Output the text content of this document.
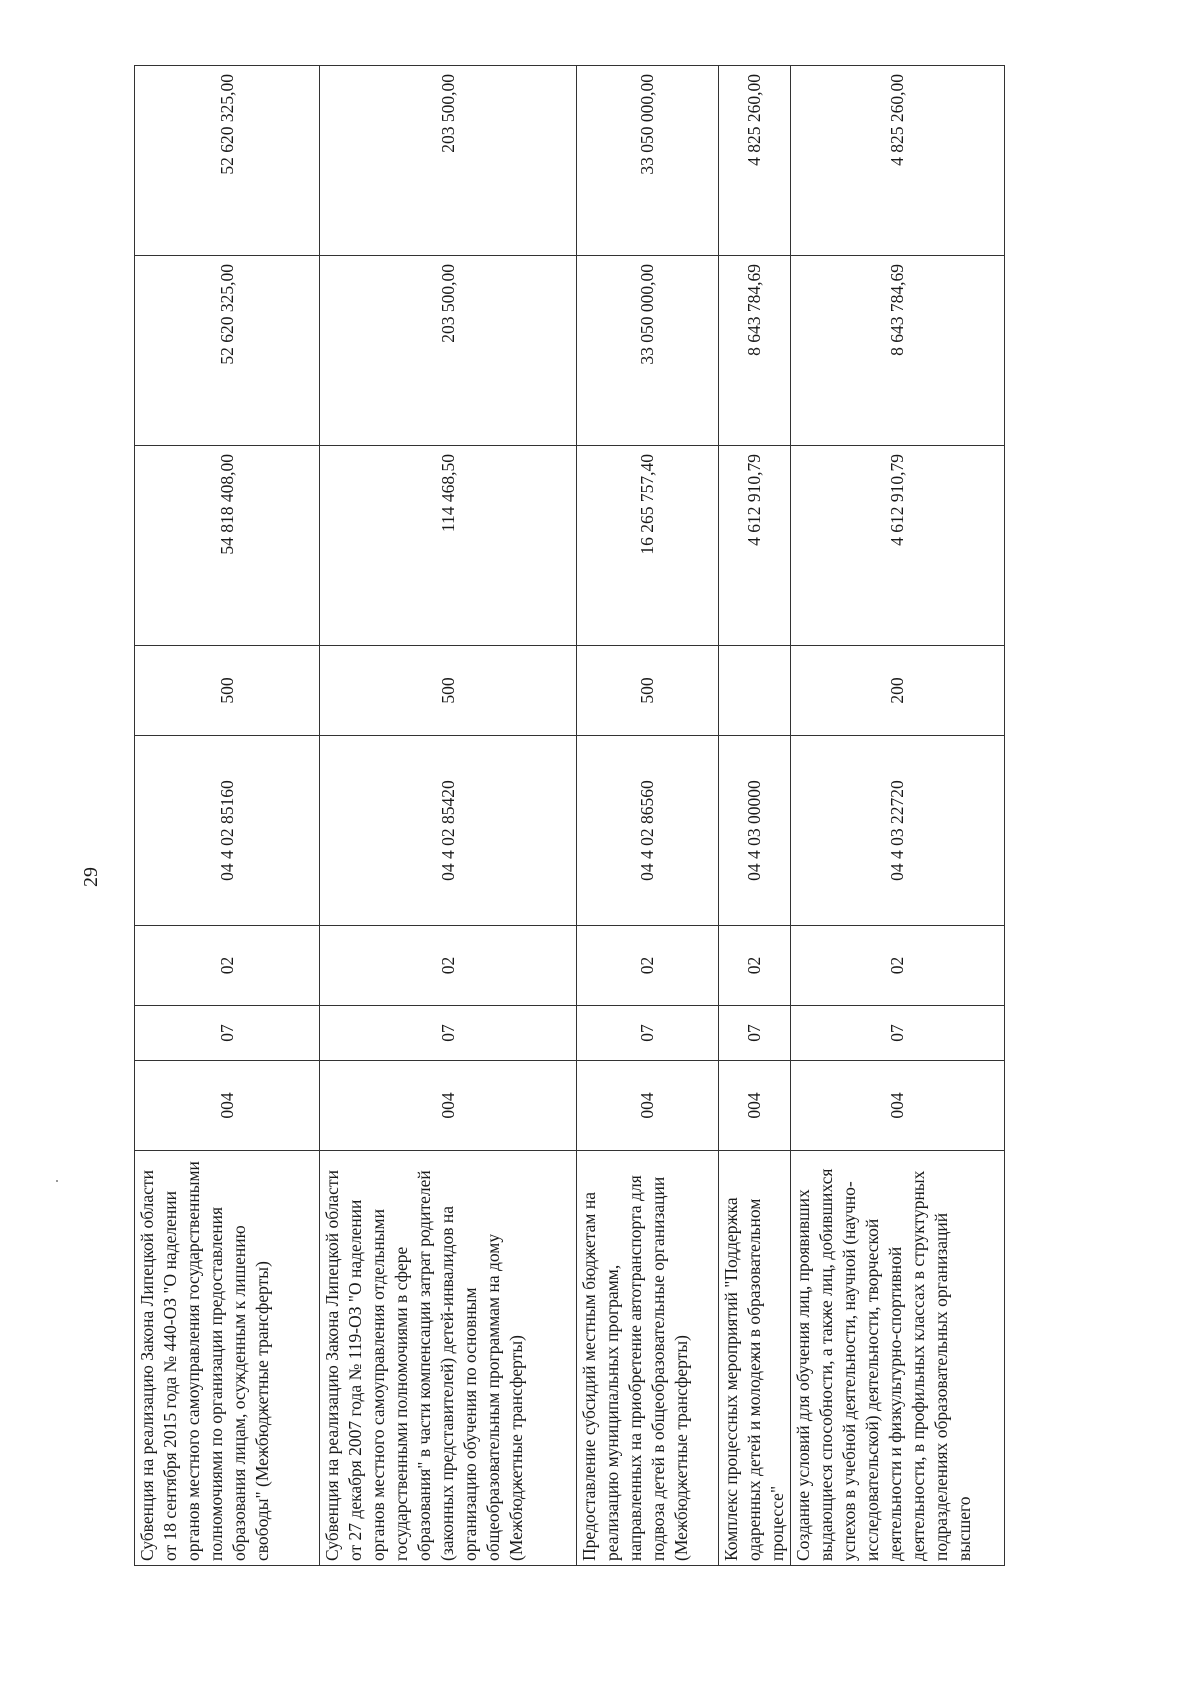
29
Субвенция на реализацию Закона Липецкой области от 18 сентября 2015 года № 440-ОЗ "О наделении органов местного самоуправления государственными полномочиями по организации предоставления образования лицам, осужденным к лишению свободы" (Межбюджетные трансферты)	004	07	02	04 4 02 85160	500	54 818 408,00	52 620 325,00	52 620 325,00
Субвенция на реализацию Закона Липецкой области от 27 декабря 2007 года № 119-ОЗ "О наделении органов местного самоуправления отдельными государственными полномочиями в сфере образования" в части компенсации затрат родителей (законных представителей) детей-инвалидов на организацию обучения по основным общеобразовательным программам на дому (Межбюджетные трансферты)	004	07	02	04 4 02 85420	500	114 468,50	203 500,00	203 500,00
Предоставление субсидий местным бюджетам на реализацию муниципальных программ, направленных на приобретение автотранспорта для подвоза детей в общеобразовательные организации (Межбюджетные трансферты)	004	07	02	04 4 02 86560	500	16 265 757,40	33 050 000,00	33 050 000,00
Комплекс процессных мероприятий "Поддержка одаренных детей и молодежи в образовательном процессе"	004	07	02	04 4 03 00000		4 612 910,79	8 643 784,69	4 825 260,00
Создание условий для обучения лиц, проявивших выдающиеся способности, а также лиц, добившихся успехов в учебной деятельности, научной (научно-исследовательской) деятельности, творческой деятельности и физкультурно-спортивной деятельности, в профильных классах в структурных подразделениях образовательных организаций высшего	004	07	02	04 4 03 22720	200	4 612 910,79	8 643 784,69	4 825 260,00
